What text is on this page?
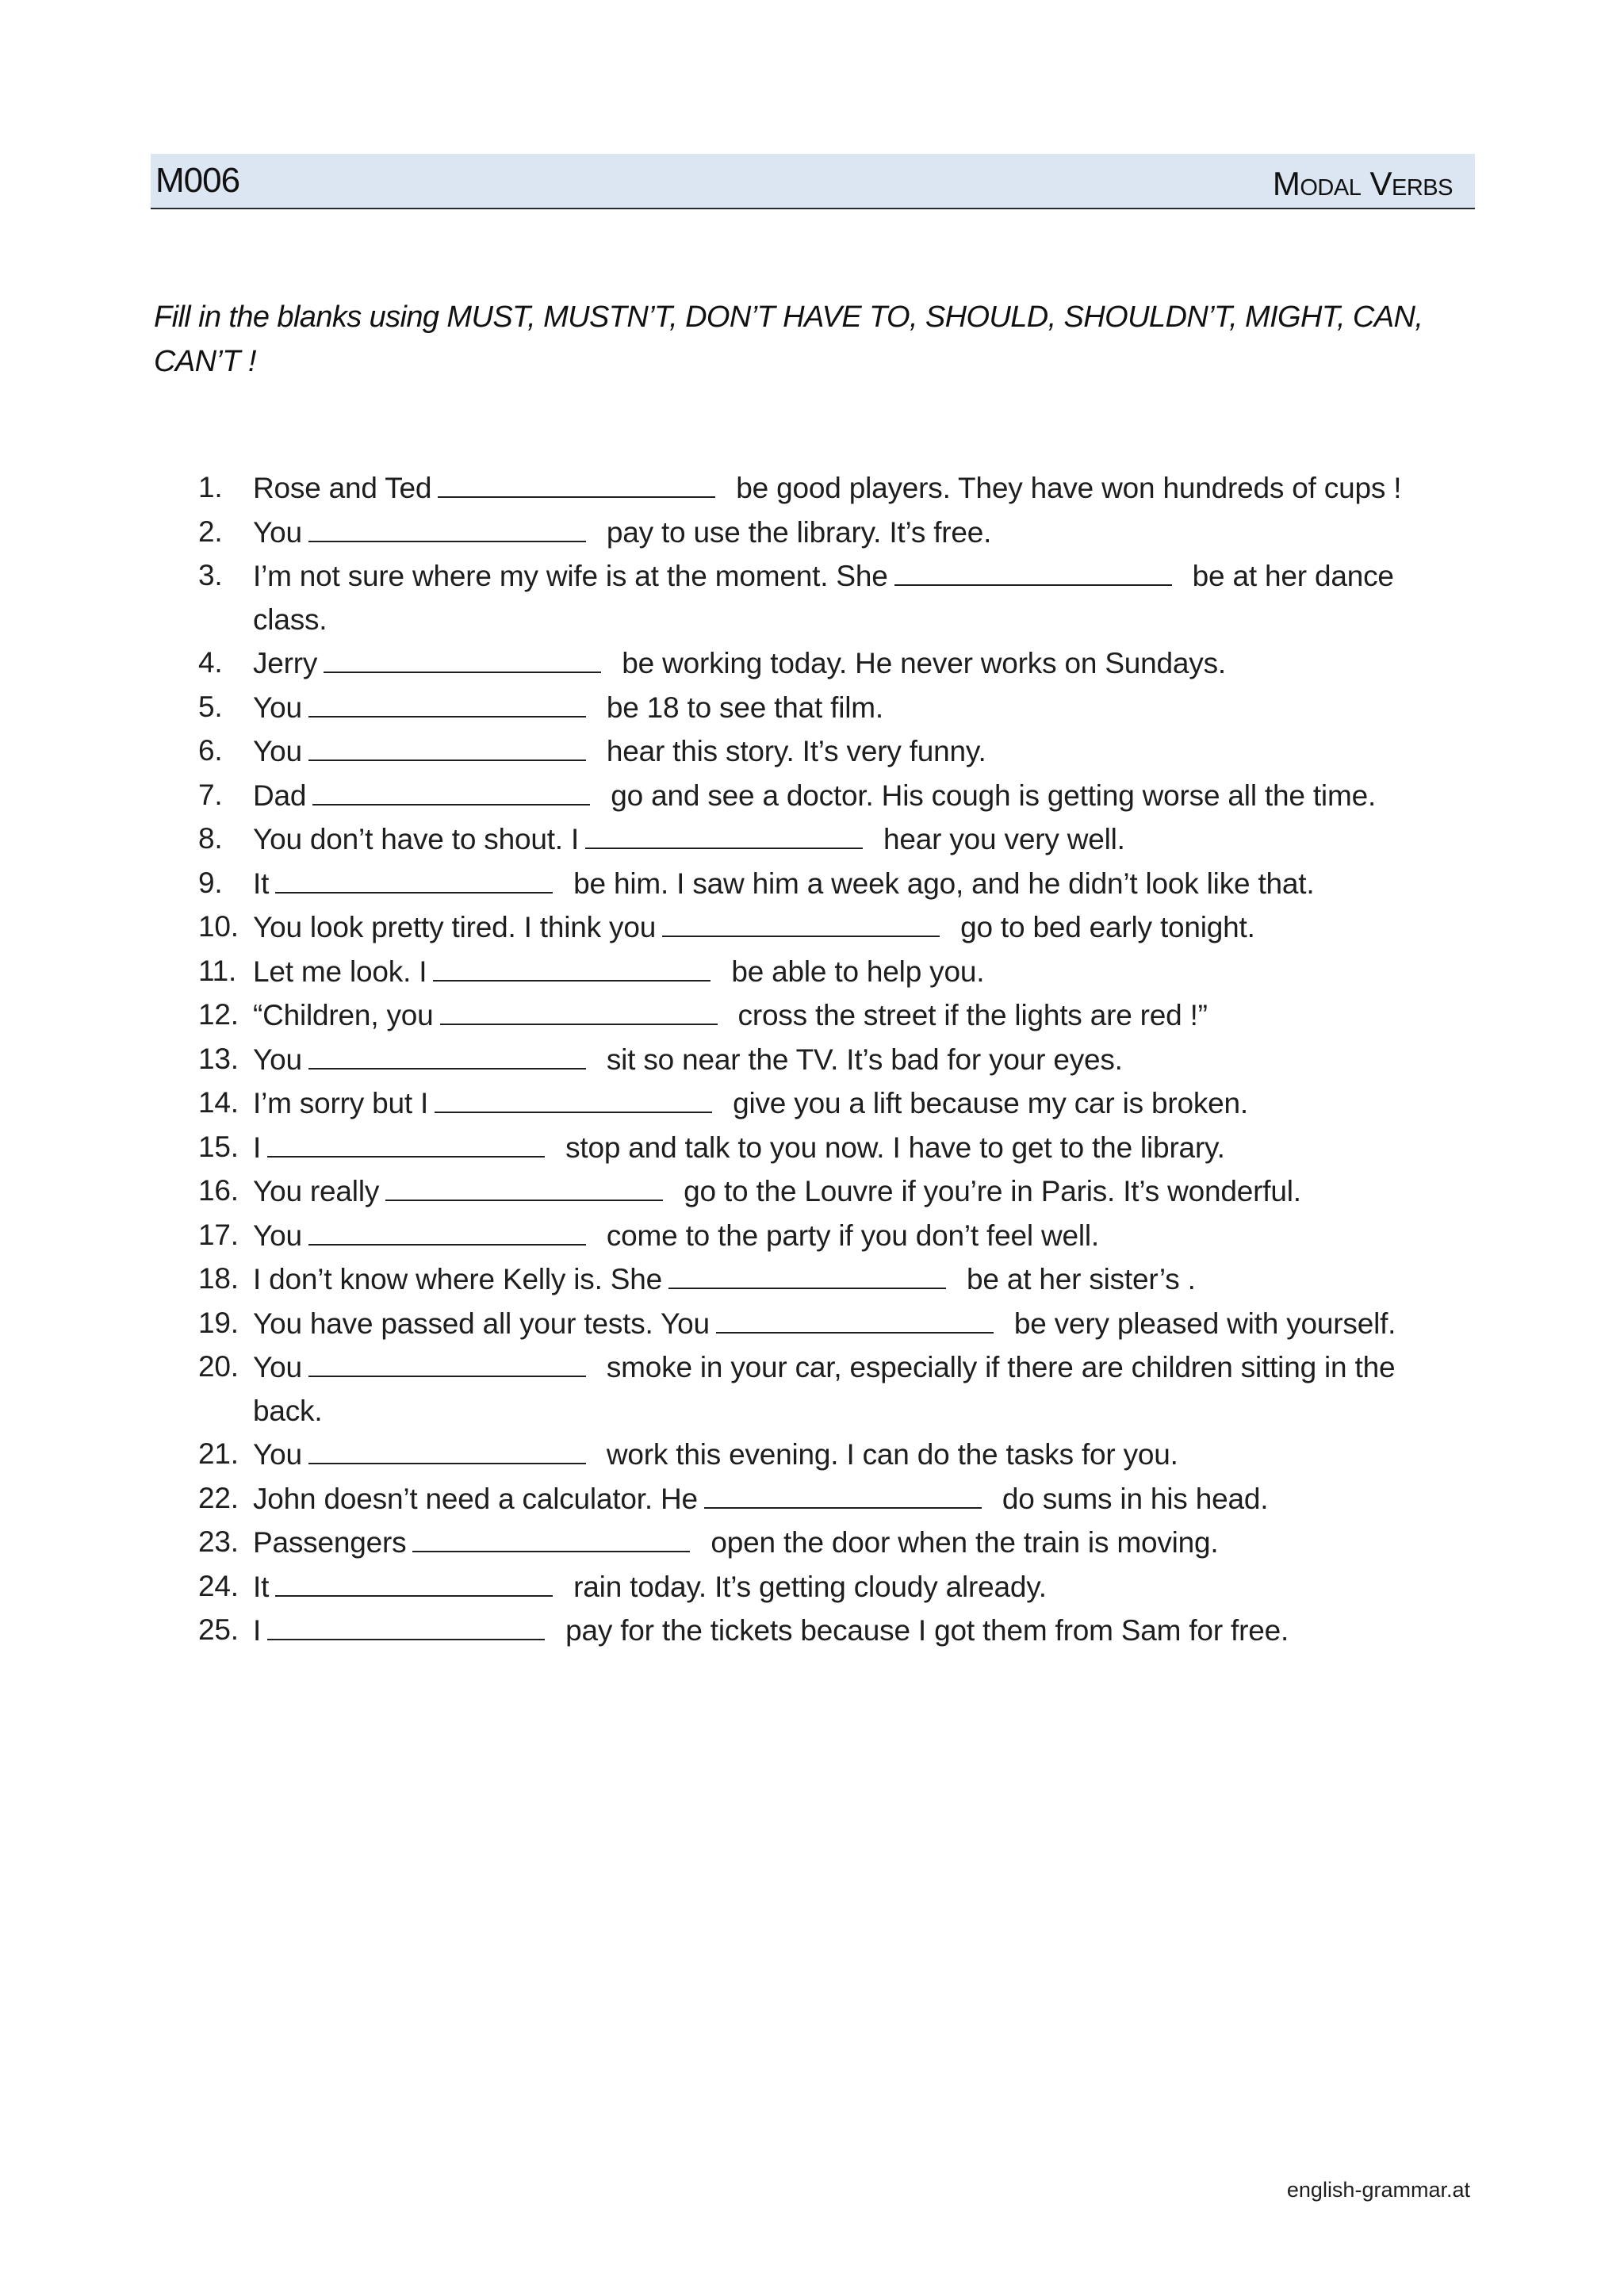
M006	Modal Verbs

Fill in the blanks using MUST, MUSTN’T, DON’T HAVE TO, SHOULD, SHOULDN’T, MIGHT, CAN, CAN’T !

1.	Rose and Ted	be good players. They have won hundreds of cups !
2.	You	pay to use the library. It’s free.
3.	I’m not sure where my wife is at the moment. She	be at her dance class.
4.	Jerry	be working today. He never works on Sundays.
5.	You	be 18 to see that film.
6.	You	hear this story. It’s very funny.
7.	Dad	go and see a doctor. His cough is getting worse all the time.
8.	You don’t have to shout. I	hear you very well.
9.	It	be him. I saw him a week ago, and he didn’t look like that.
10. You look pretty tired. I think you	go to bed early tonight.
11. Let me look. I	be able to help you.
12. “Children, you	cross the street if the lights are red !”
13. You	sit so near the TV. It’s bad for your eyes.
14. I’m sorry but I	give you a lift because my car is broken.
15. I	stop and talk to you now. I have to get to the library.
16. You really	go to the Louvre if you’re in Paris. It’s wonderful.
17. You	come to the party if you don’t feel well.
18. I don’t know where Kelly is. She	be at her sister’s .
19. You have passed all your tests. You	be very pleased with yourself.
20. You	smoke in your car, especially if there are children sitting in the back.
21. You	work this evening. I can do the tasks for you.
22. John doesn’t need a calculator. He	do sums in his head.
23. Passengers	open the door when the train is moving.
24. It	rain today. It’s getting cloudy already.
25. I	pay for the tickets because I got them from Sam for free.
english-grammar.at
